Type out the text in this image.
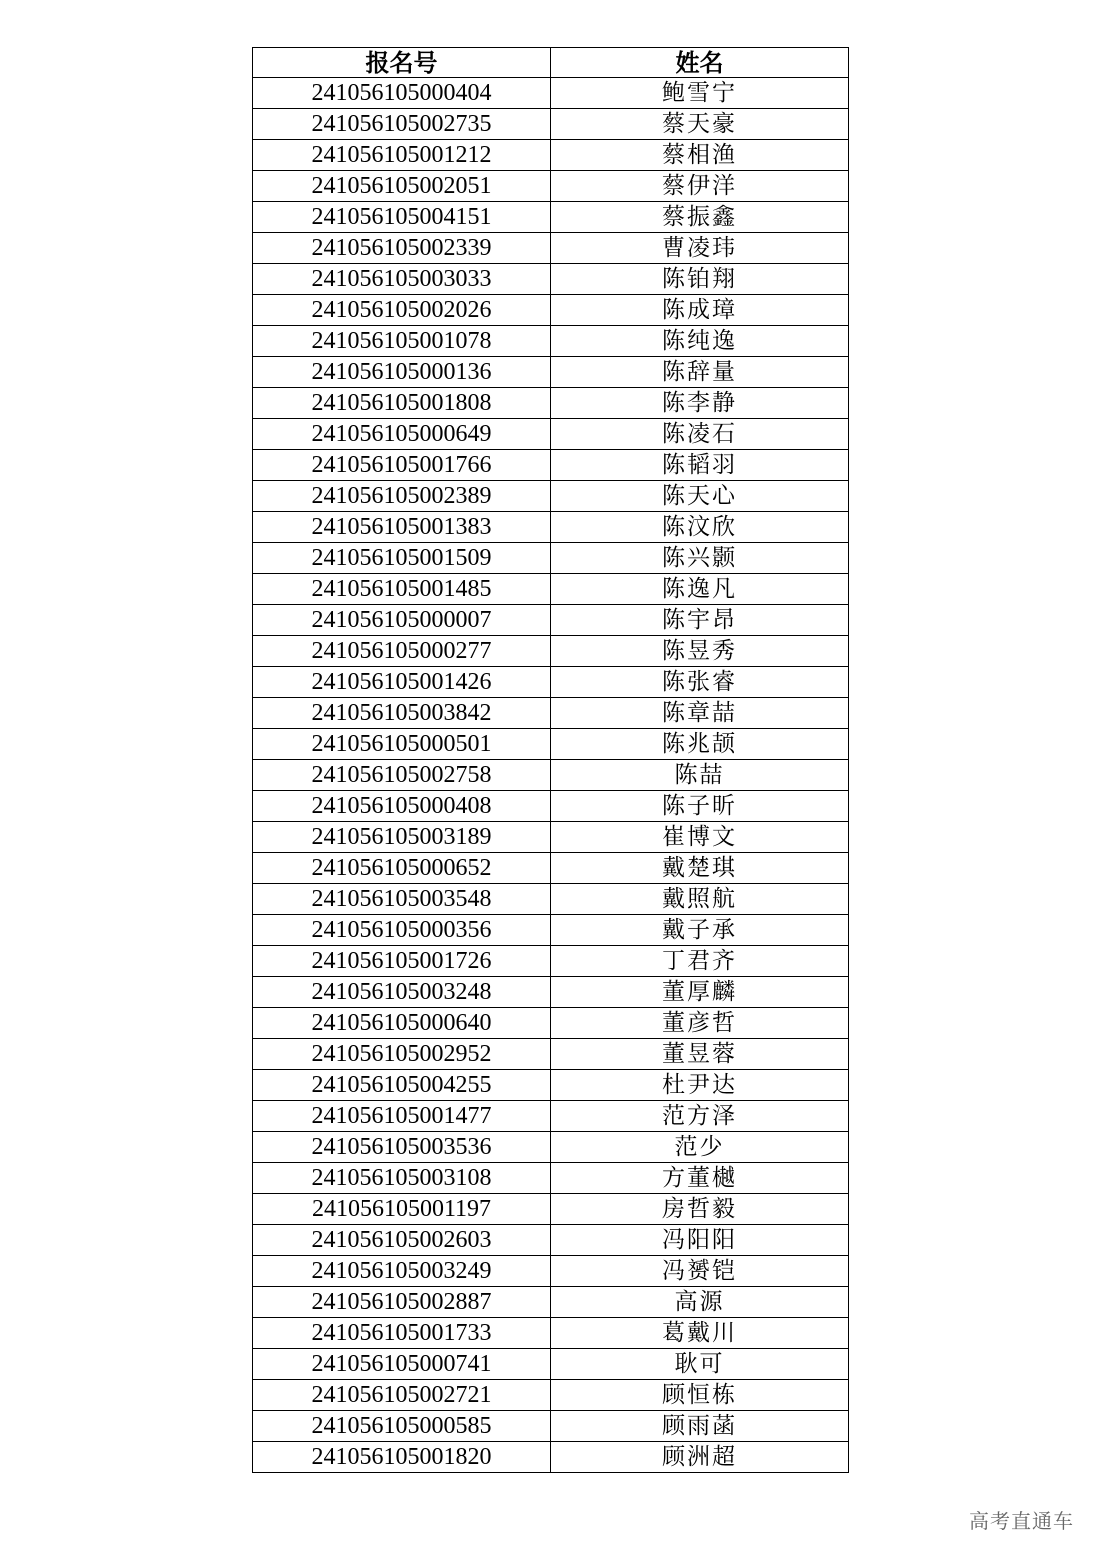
报名号	姓名
241056105000404	鲍雪宁
241056105002735	蔡天豪
241056105001212	蔡相渔
241056105002051	蔡伊洋
241056105004151	蔡振鑫
241056105002339	曹凌玮
241056105003033	陈铂翔
241056105002026	陈成璋
241056105001078	陈纯逸
241056105000136	陈辞量
241056105001808	陈李静
241056105000649	陈凌石
241056105001766	陈韬羽
241056105002389	陈天心
241056105001383	陈汶欣
241056105001509	陈兴颢
241056105001485	陈逸凡
241056105000007	陈宇昂
241056105000277	陈昱秀
241056105001426	陈张睿
241056105003842	陈章喆
241056105000501	陈兆颉
241056105002758	陈喆
241056105000408	陈子昕
241056105003189	崔博文
241056105000652	戴楚琪
241056105003548	戴照航
241056105000356	戴子承
241056105001726	丁君齐
241056105003248	董厚麟
241056105000640	董彦哲
241056105002952	董昱蓉
241056105004255	杜尹达
241056105001477	范方泽
241056105003536	范少
241056105003108	方董樾
241056105001197	房哲毅
241056105002603	冯阳阳
241056105003249	冯赟铠
241056105002887	高源
241056105001733	葛戴川
241056105000741	耿可
241056105002721	顾恒栋
241056105000585	顾雨菡
241056105001820	顾洲超
高考直通车
